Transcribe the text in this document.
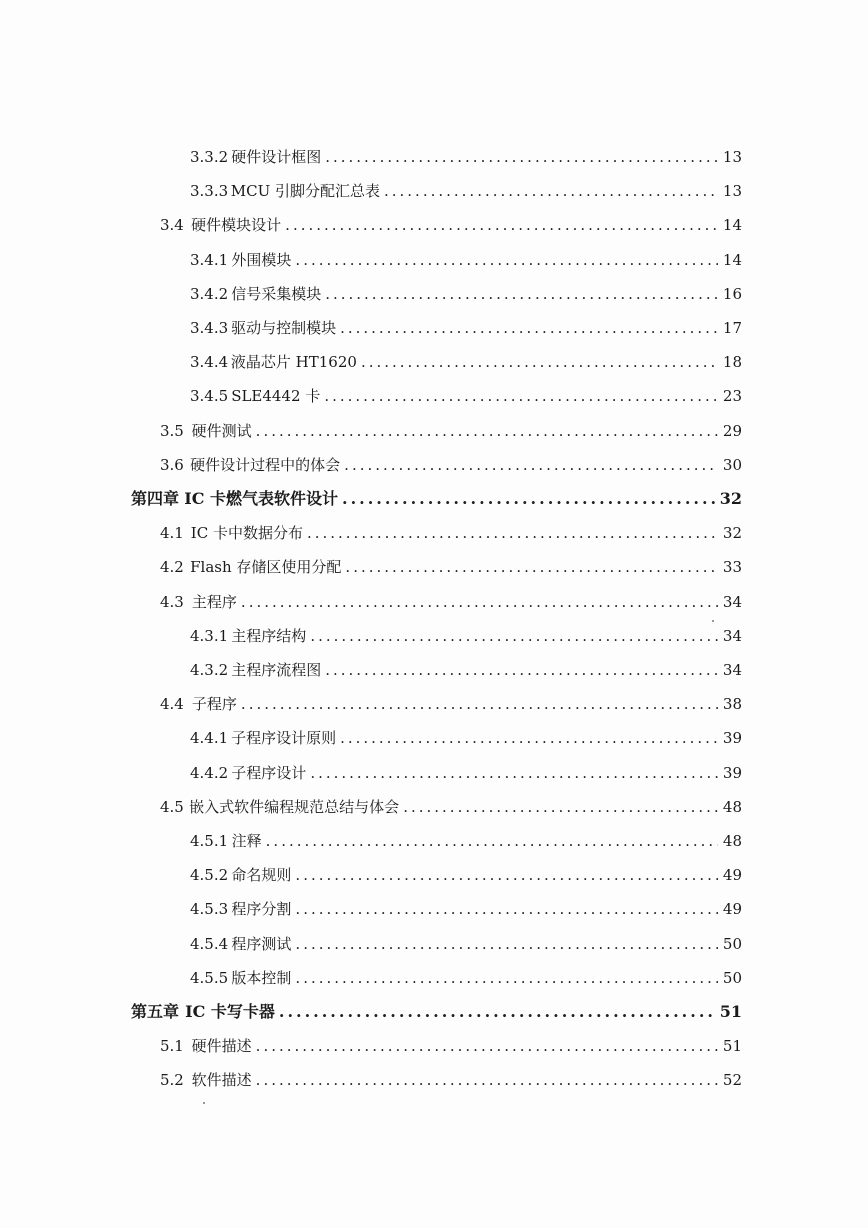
3.3.2 硬件设计框图 .....	13
3.3.3 MCU 引脚分配汇总表 .....	13
3.4 硬件模块设计 .....	14
3.4.1 外围模块 .....	14
3.4.2 信号采集模块 .....	16
3.4.3 驱动与控制模块 .....	17
3.4.4 液晶芯片 HT1620 .....	18
3.4.5 SLE4442 卡 .....	23
3.5 硬件测试 .....	29
3.6 硬件设计过程中的体会 .....	30
第四章 IC 卡燃气表软件设计 .....	32
4.1 IC 卡中数据分布 .....	32
4.2 Flash 存储区使用分配 .....	33
4.3 主程序 .....	34
4.3.1 主程序结构 .....	34
4.3.2 主程序流程图 .....	34
4.4 子程序 .....	38
4.4.1 子程序设计原则 .....	39
4.4.2 子程序设计 .....	39
4.5 嵌入式软件编程规范总结与体会 .....	48
4.5.1 注释 .....	48
4.5.2 命名规则 .....	49
4.5.3 程序分割 .....	49
4.5.4 程序测试 .....	50
4.5.5 版本控制 .....	50
第五章 IC 卡写卡器 .....	51
5.1 硬件描述 .....	51
5.2 软件描述 .....	52
